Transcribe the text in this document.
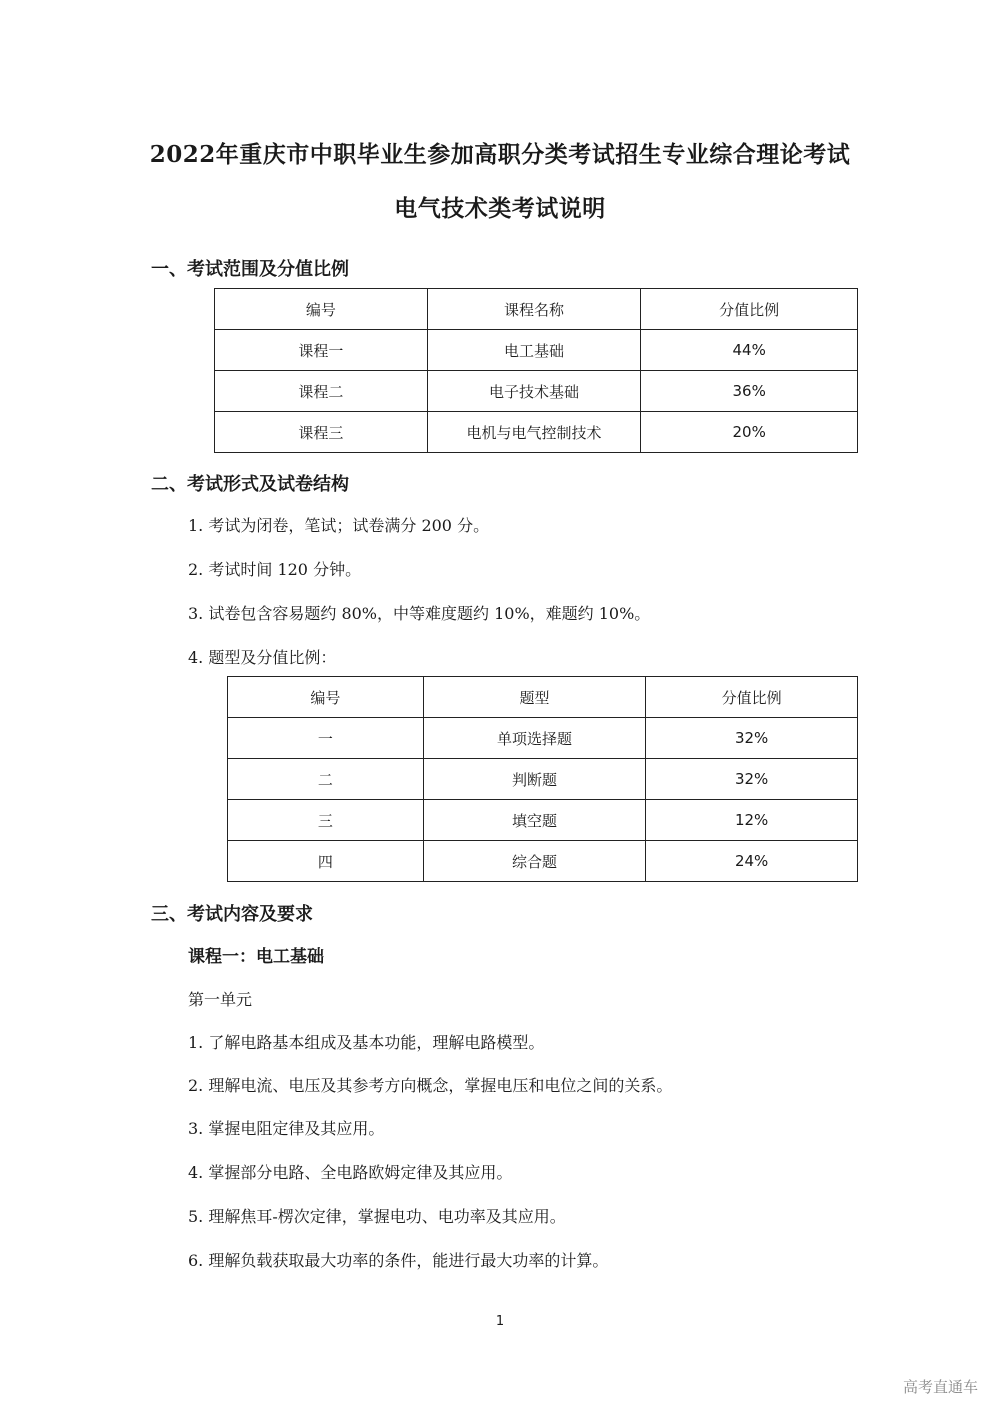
2022年重庆市中职毕业生参加高职分类考试招生专业综合理论考试
电气技术类考试说明
一、考试范围及分值比例
编号	课程名称	分值比例
课程一	电工基础	44%
课程二	电子技术基础	36%
课程三	电机与电气控制技术	20%
二、考试形式及试卷结构
1. 考试为闭卷，笔试；试卷满分 200 分。
2. 考试时间 120 分钟。
3. 试卷包含容易题约 80%，中等难度题约 10%，难题约 10%。
4. 题型及分值比例：
编号	题型	分值比例
一	单项选择题	32%
二	判断题	32%
三	填空题	12%
四	综合题	24%
三、考试内容及要求
课程一：电工基础
第一单元
1. 了解电路基本组成及基本功能，理解电路模型。
2. 理解电流、电压及其参考方向概念，掌握电压和电位之间的关系。
3. 掌握电阻定律及其应用。
4. 掌握部分电路、全电路欧姆定律及其应用。
5. 理解焦耳-楞次定律，掌握电功、电功率及其应用。
6. 理解负载获取最大功率的条件，能进行最大功率的计算。
1
高考直通车
